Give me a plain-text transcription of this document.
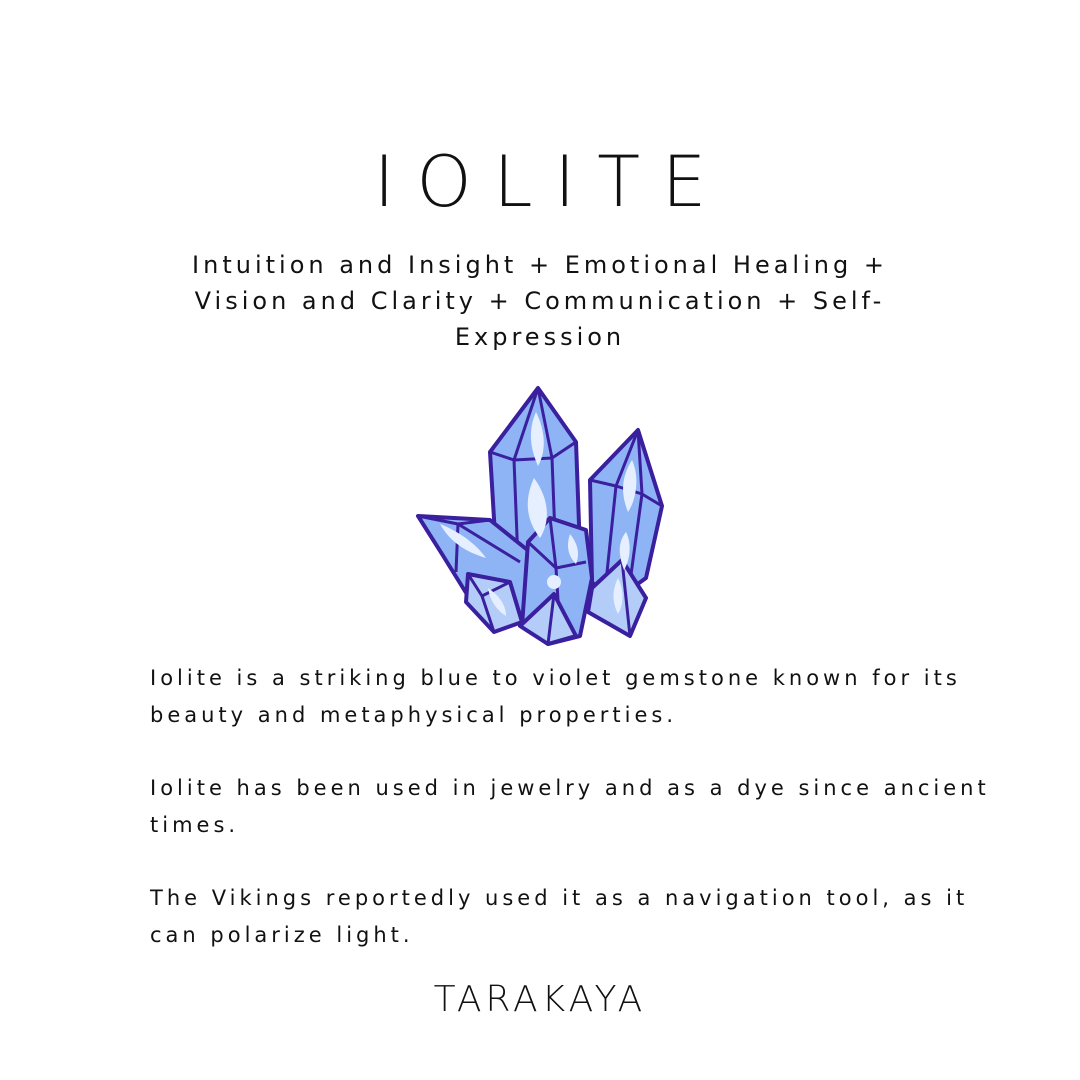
IOLITE
Intuition and Insight + Emotional Healing +
Vision and Clarity + Communication + Self-
Expression

Iolite is a striking blue to violet gemstone known for its
beauty and metaphysical properties.

Iolite has been used in jewelry and as a dye since ancient
times.

The Vikings reportedly used it as a navigation tool, as it
can polarize light.

TARAKAYA
